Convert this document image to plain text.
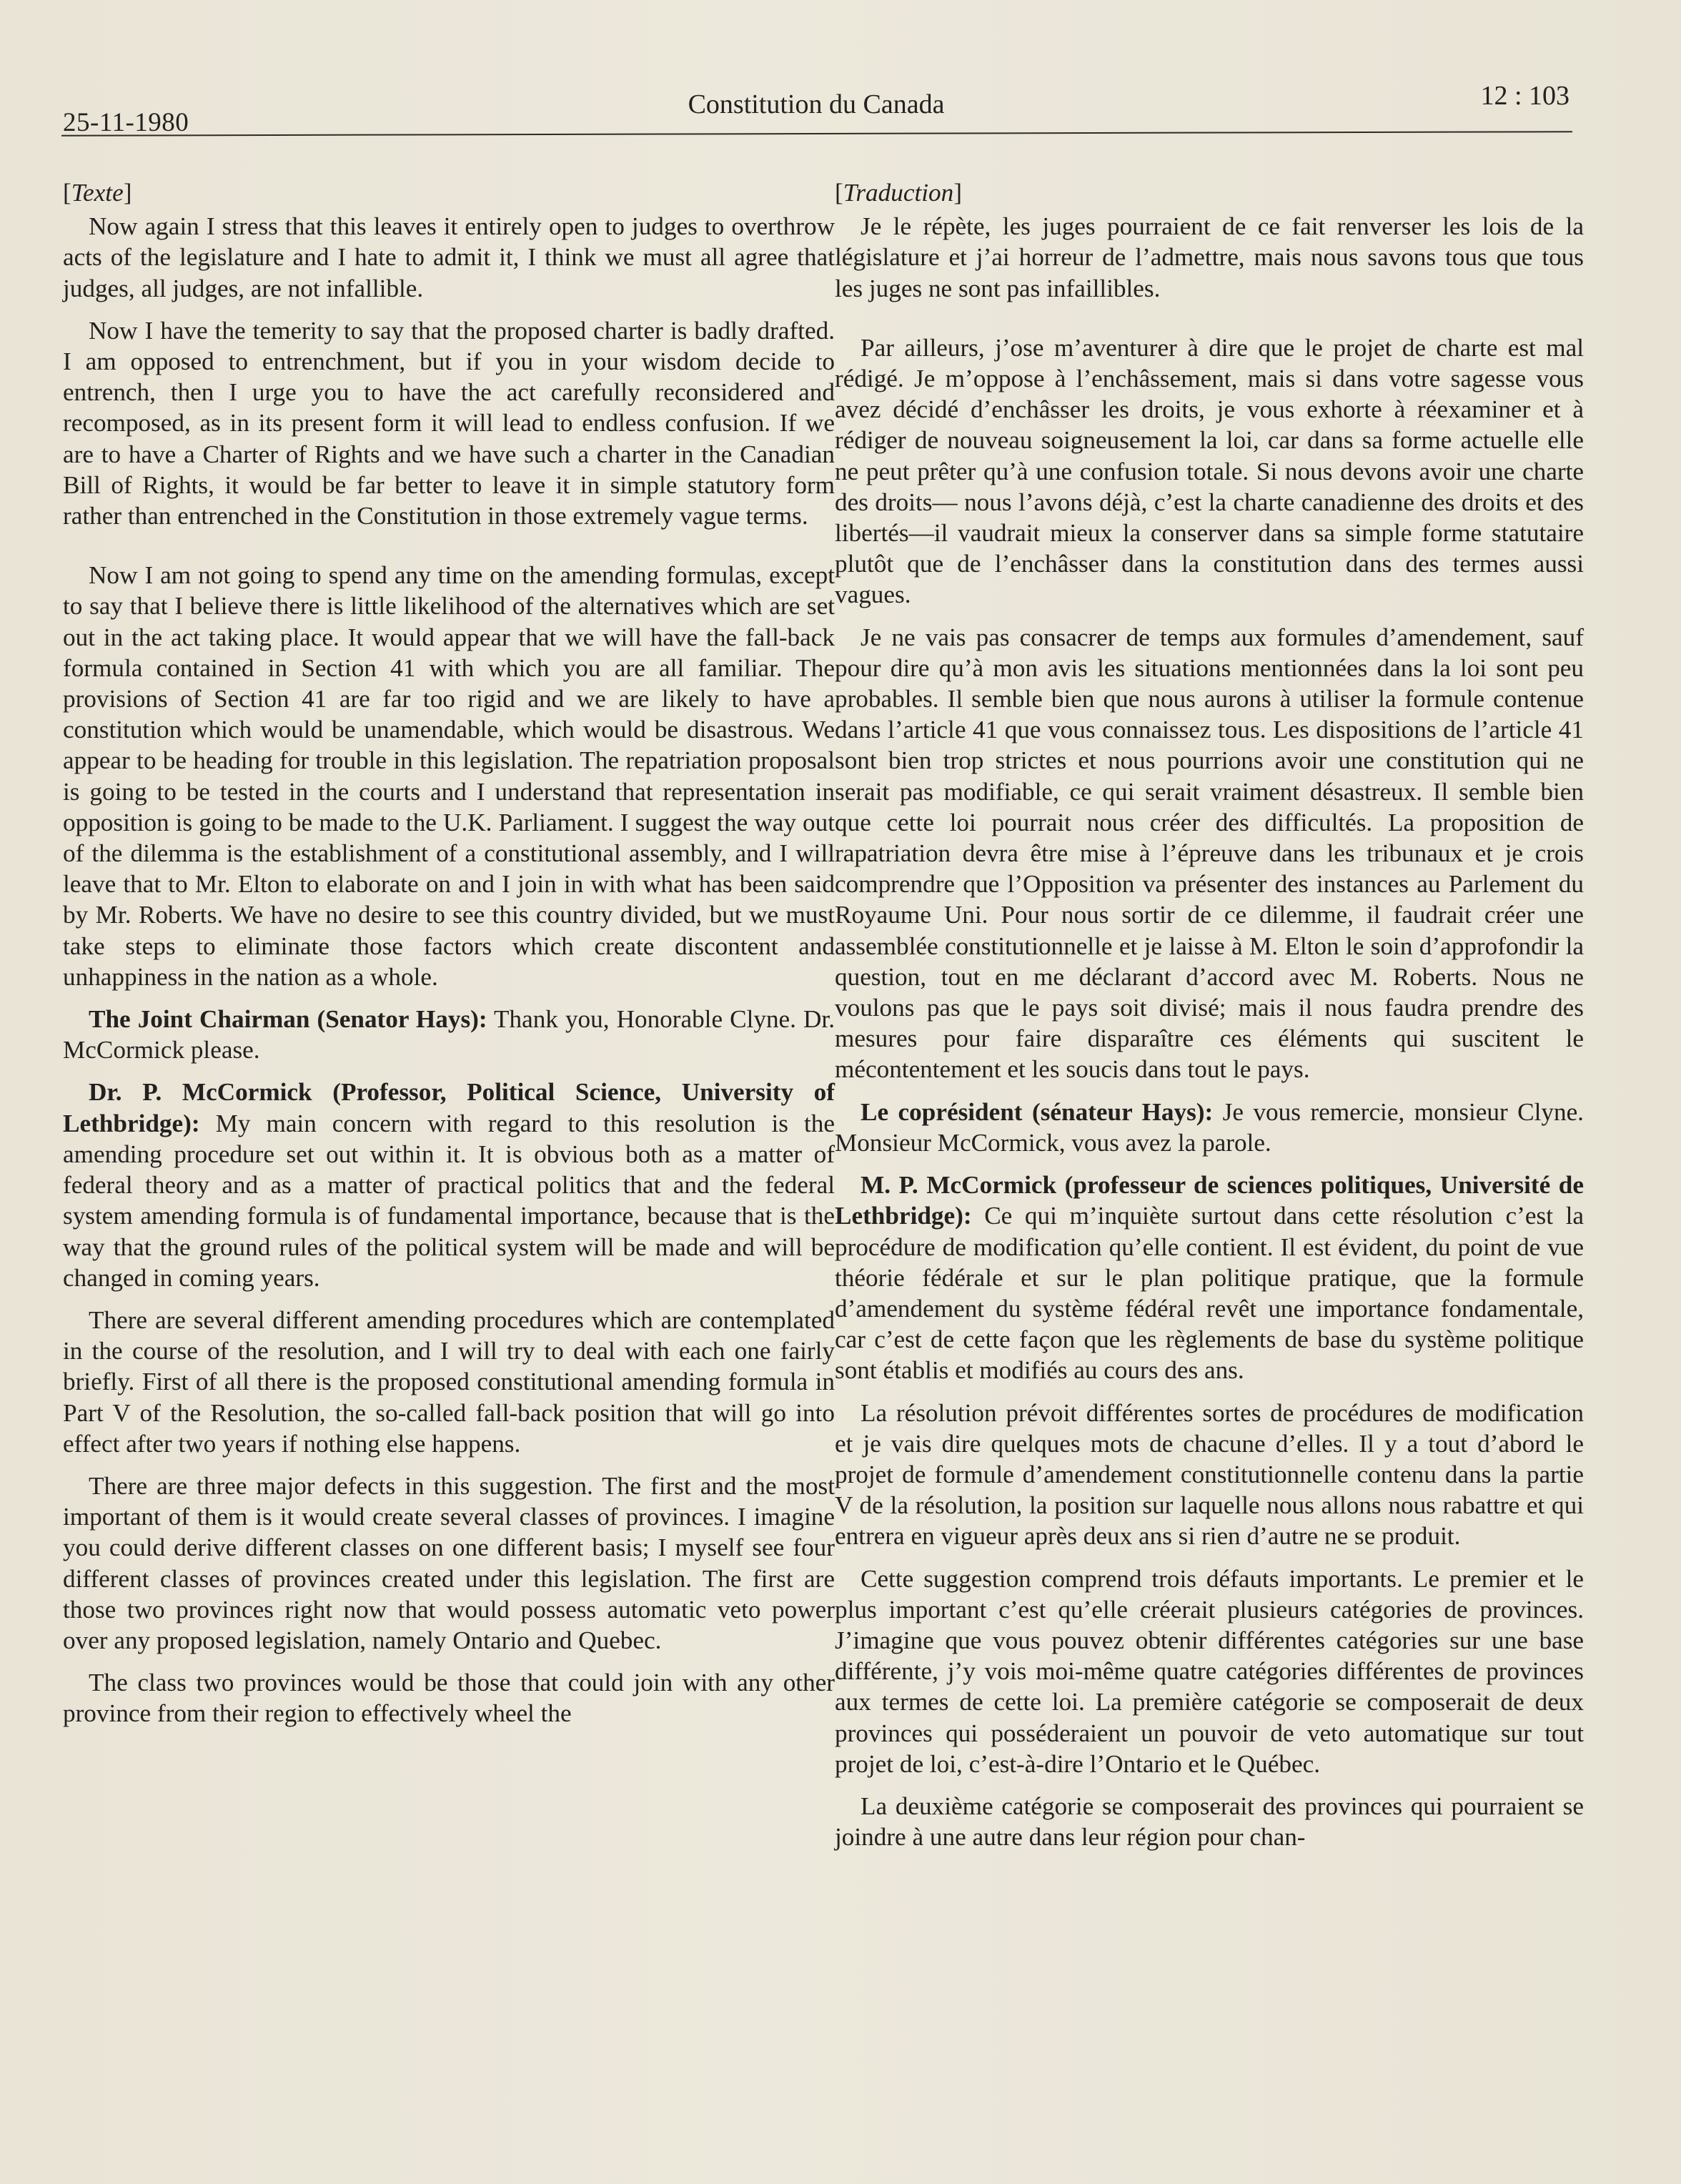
25-11-1980
Constitution du Canada	12 : 103

[Texte]

Now again I stress that this leaves it entirely open to judges to overthrow acts of the legislature and I hate to admit it, I think we must all agree that judges, all judges, are not infallible.

Now I have the temerity to say that the proposed charter is badly drafted. I am opposed to entrenchment, but if you in your wisdom decide to entrench, then I urge you to have the act carefully reconsidered and recomposed, as in its present form it will lead to endless confusion. If we are to have a Charter of Rights and we have such a charter in the Canadian Bill of Rights, it would be far better to leave it in simple statutory form rather than entrenched in the Constitution in those extremely vague terms.

Now I am not going to spend any time on the amending formulas, except to say that I believe there is little likelihood of the alternatives which are set out in the act taking place. It would appear that we will have the fall-back formula contained in Section 41 with which you are all familiar. The provisions of Section 41 are far too rigid and we are likely to have a constitution which would be unamendable, which would be disastrous. We appear to be heading for trouble in this legislation. The repatriation proposal is going to be tested in the courts and I understand that representation in opposition is going to be made to the U.K. Parliament. I suggest the way out of the dilemma is the establishment of a constitutional assembly, and I will leave that to Mr. Elton to elaborate on and I join in with what has been said by Mr. Roberts. We have no desire to see this country divided, but we must take steps to eliminate those factors which create discontent and unhappiness in the nation as a whole.

The Joint Chairman (Senator Hays): Thank you, Honorable Clyne. Dr. McCormick please.

Dr. P. McCormick (Professor, Political Science, University of Lethbridge): My main concern with regard to this resolution is the amending procedure set out within it. It is obvious both as a matter of federal theory and as a matter of practical politics that and the federal system amending formula is of fundamental importance, because that is the way that the ground rules of the political system will be made and will be changed in coming years.

There are several different amending procedures which are contemplated in the course of the resolution, and I will try to deal with each one fairly briefly. First of all there is the proposed constitutional amending formula in Part V of the Resolution, the so-called fall-back position that will go into effect after two years if nothing else happens.

There are three major defects in this suggestion. The first and the most important of them is it would create several classes of provinces. I imagine you could derive different classes on one different basis; I myself see four different classes of provinces created under this legislation. The first are those two provinces right now that would possess automatic veto power over any proposed legislation, namely Ontario and Quebec.

The class two provinces would be those that could join with any other province from their region to effectively wheel the

[Traduction]

Je le répète, les juges pourraient de ce fait renverser les lois de la législature et j’ai horreur de l’admettre, mais nous savons tous que tous les juges ne sont pas infaillibles.

Par ailleurs, j’ose m’aventurer à dire que le projet de charte est mal rédigé. Je m’oppose à l’enchâssement, mais si dans votre sagesse vous avez décidé d’enchâsser les droits, je vous exhorte à réexaminer et à rédiger de nouveau soigneusement la loi, car dans sa forme actuelle elle ne peut prêter qu’à une confusion totale. Si nous devons avoir une charte des droits— nous l’avons déjà, c’est la charte canadienne des droits et des libertés—il vaudrait mieux la conserver dans sa simple forme statutaire plutôt que de l’enchâsser dans la constitution dans des termes aussi vagues.

Je ne vais pas consacrer de temps aux formules d’amendement, sauf pour dire qu’à mon avis les situations mentionnées dans la loi sont peu probables. Il semble bien que nous aurons à utiliser la formule contenue dans l’article 41 que vous connaissez tous. Les dispositions de l’article 41 sont bien trop strictes et nous pourrions avoir une constitution qui ne serait pas modifiable, ce qui serait vraiment désastreux. Il semble bien que cette loi pourrait nous créer des difficultés. La proposition de rapatriation devra être mise à l’épreuve dans les tribunaux et je crois comprendre que l’Opposition va présenter des instances au Parlement du Royaume Uni. Pour nous sortir de ce dilemme, il faudrait créer une assemblée constitutionnelle et je laisse à M. Elton le soin d’approfondir la question, tout en me déclarant d’accord avec M. Roberts. Nous ne voulons pas que le pays soit divisé; mais il nous faudra prendre des mesures pour faire disparaître ces éléments qui suscitent le mécontentement et les soucis dans tout le pays.

Le coprésident (sénateur Hays): Je vous remercie, monsieur Clyne. Monsieur McCormick, vous avez la parole.

M. P. McCormick (professeur de sciences politiques, Université de Lethbridge): Ce qui m’inquiète surtout dans cette résolution c’est la procédure de modification qu’elle contient. Il est évident, du point de vue théorie fédérale et sur le plan politique pratique, que la formule d’amendement du système fédéral revêt une importance fondamentale, car c’est de cette façon que les règlements de base du système politique sont établis et modifiés au cours des ans.

La résolution prévoit différentes sortes de procédures de modification et je vais dire quelques mots de chacune d’elles. Il y a tout d’abord le projet de formule d’amendement constitutionnelle contenu dans la partie V de la résolution, la position sur laquelle nous allons nous rabattre et qui entrera en vigueur après deux ans si rien d’autre ne se produit.

Cette suggestion comprend trois défauts importants. Le premier et le plus important c’est qu’elle créerait plusieurs catégories de provinces. J’imagine que vous pouvez obtenir différentes catégories sur une base différente, j’y vois moi-même quatre catégories différentes de provinces aux termes de cette loi. La première catégorie se composerait de deux provinces qui posséderaient un pouvoir de veto automatique sur tout projet de loi, c’est-à-dire l’Ontario et le Québec.

La deuxième catégorie se composerait des provinces qui pourraient se joindre à une autre dans leur région pour chan-
